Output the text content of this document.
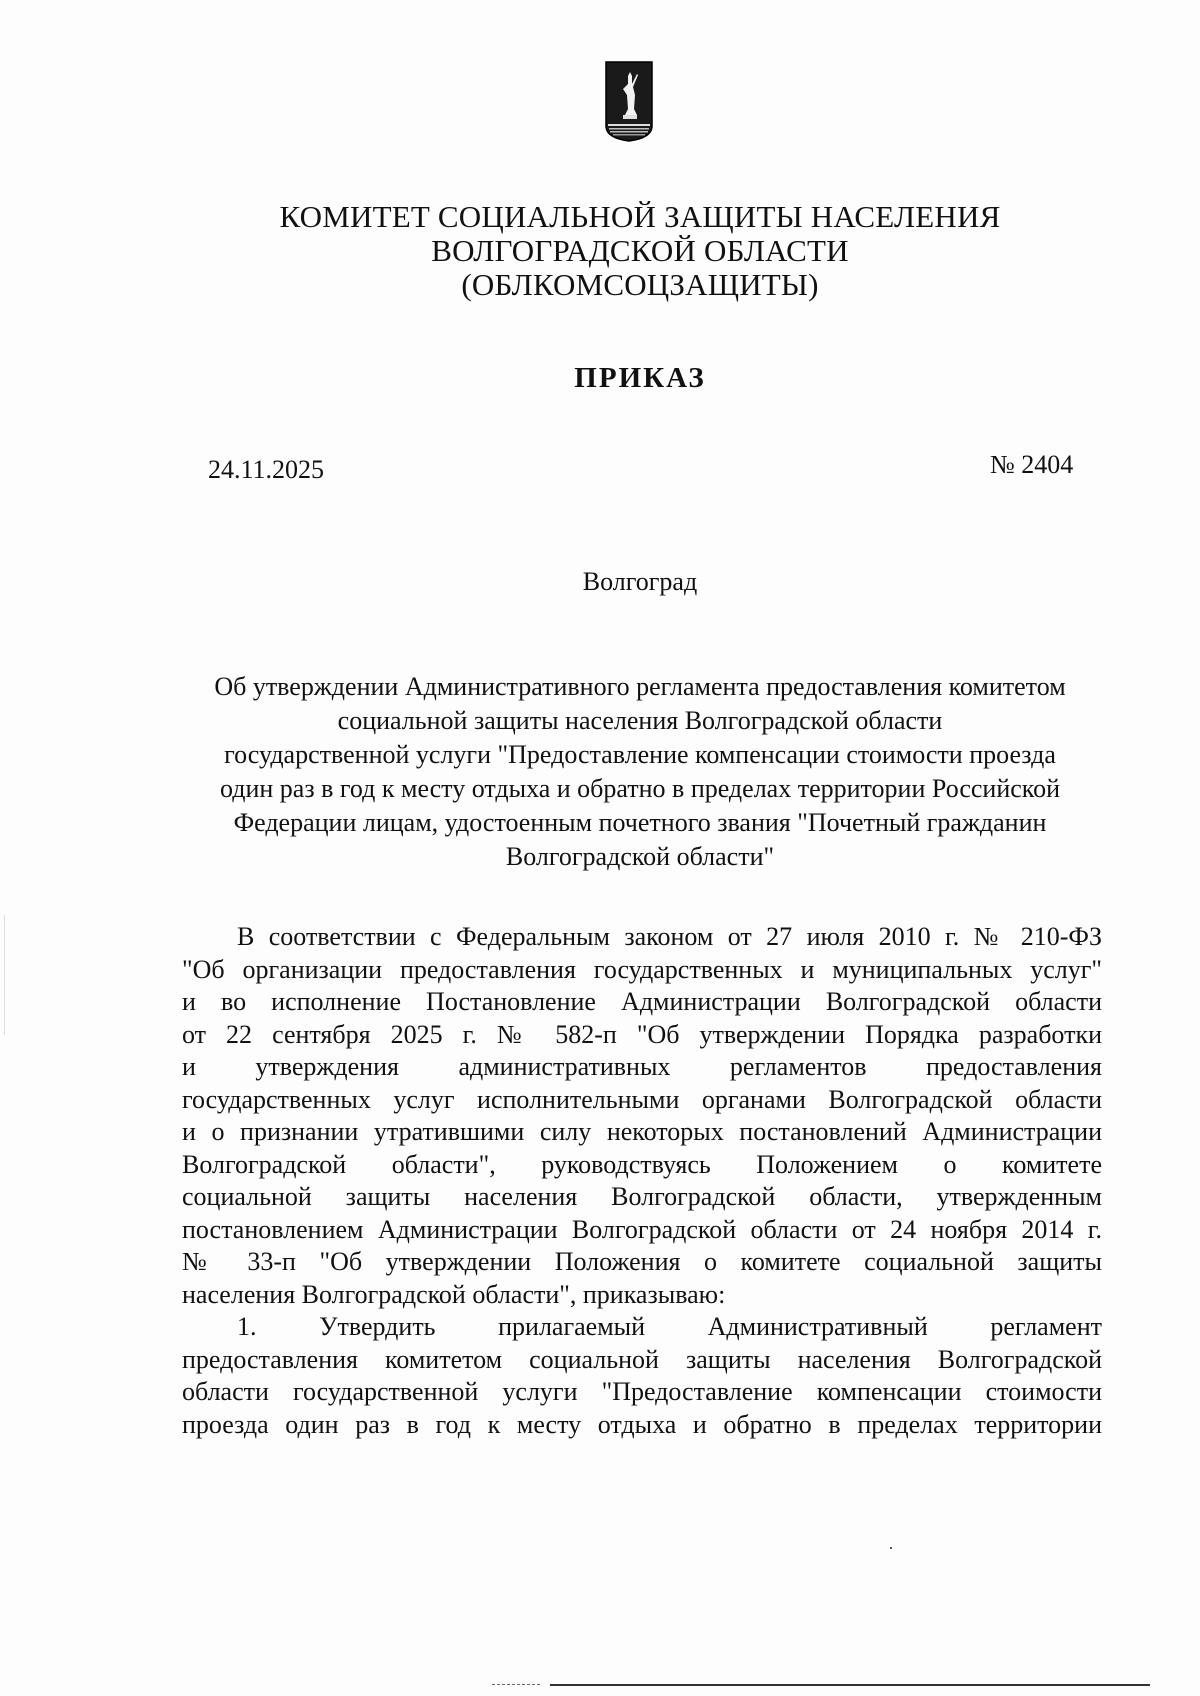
КОМИТЕТ СОЦИАЛЬНОЙ ЗАЩИТЫ НАСЕЛЕНИЯ
ВОЛГОГРАДСКОЙ ОБЛАСТИ
(ОБЛКОМСОЦЗАЩИТЫ)
ПРИКАЗ
24.11.2025	№ 2404
Волгоград
Об утверждении Административного регламента предоставления комитетом
социальной защиты населения Волгоградской области
государственной услуги "Предоставление компенсации стоимости проезда
один раз в год к месту отдыха и обратно в пределах территории Российской
Федерации лицам, удостоенным почетного звания "Почетный гражданин
Волгоградской области"
В соответствии с Федеральным законом от 27 июля 2010 г. № 210-ФЗ
"Об организации предоставления государственных и муниципальных услуг"
и во исполнение Постановление Администрации Волгоградской области
от 22 сентября 2025 г. № 582-п "Об утверждении Порядка разработки
и утверждения административных регламентов предоставления
государственных услуг исполнительными органами Волгоградской области
и о признании утратившими силу некоторых постановлений Администрации
Волгоградской области", руководствуясь Положением о комитете
социальной защиты населения Волгоградской области, утвержденным
постановлением Администрации Волгоградской области от 24 ноября 2014 г.
№ 33-п "Об утверждении Положения о комитете социальной защиты
населения Волгоградской области", приказываю:
1. Утвердить прилагаемый Административный регламент
предоставления комитетом социальной защиты населения Волгоградской
области государственной услуги "Предоставление компенсации стоимости
проезда один раз в год к месту отдыха и обратно в пределах территории
